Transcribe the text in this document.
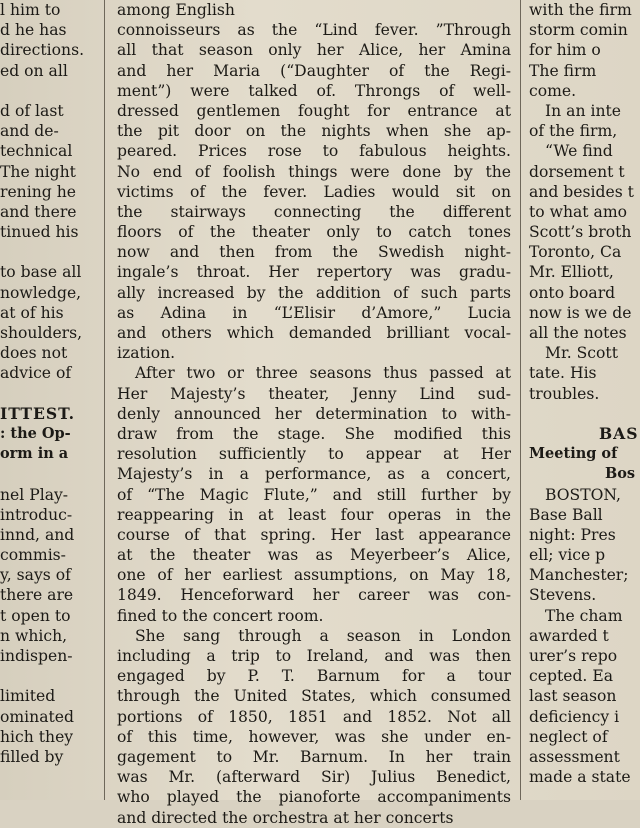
l him to
d he has
directions.
ed on all

d of last
and de-
technical
The night
rening he
and there
tinued his

to base all
nowledge,
at of his
shoulders,
does not
advice of

ITTEST.
: the Op-
orm in a

nel Play-
introduc-
innd, and
commis-
y, says of
there are
t open to
n which,
indispen-

limited
ominated
hich they
filled by
among English
connoisseurs as the “Lind fever. ”Through
all that season only her Alice, her Amina
and her Maria (“Daughter of the Regi-
ment”) were talked of. Throngs of well-
dressed gentlemen fought for entrance at
the pit door on the nights when she ap-
peared. Prices rose to fabulous heights.
No end of foolish things were done by the
victims of the fever. Ladies would sit on
the stairways connecting the different
floors of the theater only to catch tones
now and then from the Swedish night-
ingale’s throat. Her repertory was gradu-
ally increased by the addition of such parts
as Adina in “L’Elisir d’Amore,” Lucia
and others which demanded brilliant vocal-
ization.
After two or three seasons thus passed at
Her Majesty’s theater, Jenny Lind sud-
denly announced her determination to with-
draw from the stage. She modified this
resolution sufficiently to appear at Her
Majesty’s in a performance, as a concert,
of “The Magic Flute,” and still further by
reappearing in at least four operas in the
course of that spring. Her last appearance
at the theater was as Meyerbeer’s Alice,
one of her earliest assumptions, on May 18,
1849. Henceforward her career was con-
fined to the concert room.
She sang through a season in London
including a trip to Ireland, and was then
engaged by P. T. Barnum for a tour
through the United States, which consumed
portions of 1850, 1851 and 1852. Not all
of this time, however, was she under en-
gagement to Mr. Barnum. In her train
was Mr. (afterward Sir) Julius Benedict,
who played the pianoforte accompaniments
and directed the orchestra at her concerts
with the firm
storm comin
for him o
The firm
come.
In an inte
of the firm,
“We find
dorsement t
and besides t
to what amo
Scott’s broth
Toronto, Ca
Mr. Elliott,
onto board
now is we de
all the notes
Mr. Scott
tate. His
troubles.

BAS
Meeting of
Bos
BOSTON,
Base Ball
night: Pres
ell; vice p
Manchester;
Stevens.
The cham
awarded t
urer’s repo
cepted. Ea
last season
deficiency i
neglect of
assessment
made a state
